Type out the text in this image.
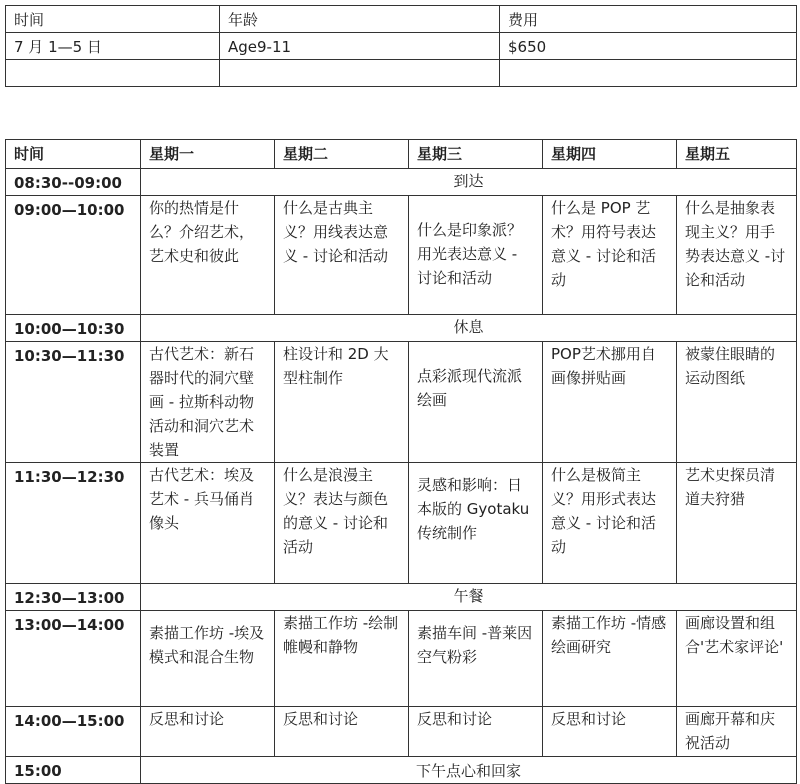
时间	年龄	费用
7 月 1—5 日	Age9-11	$650

时间	星期一	星期二	星期三	星期四	星期五
08:30--09:00	到达				
09:00—10:00	你的热情是什么？介绍艺术，艺术史和彼此	什么是古典主义？用线表达意义 - 讨论和活动	什么是印象派？用光表达意义 - 讨论和活动	什么是 POP 艺术？用符号表达意义 - 讨论和活动	什么是抽象表现主义？用手势表达意义 -讨论和活动
10:00—10:30	休息				
10:30—11:30	古代艺术：新石器时代的洞穴壁画 - 拉斯科动物活动和洞穴艺术装置	柱设计和 2D 大型柱制作	点彩派现代流派绘画	POP艺术挪用自画像拼贴画	被蒙住眼睛的运动图纸
11:30—12:30	古代艺术：埃及艺术 - 兵马俑肖像头	什么是浪漫主义？表达与颜色的意义 - 讨论和活动	灵感和影响：日本版的 Gyotaku 传统制作	什么是极简主义？用形式表达意义 - 讨论和活动	艺术史探员清道夫狩猎
12:30—13:00	午餐				
13:00—14:00	素描工作坊 -埃及模式和混合生物	素描工作坊 -绘制帷幔和静物	素描车间 -普莱因空气粉彩	素描工作坊 -情感绘画研究	画廊设置和组合'艺术家评论'
14:00—15:00	反思和讨论	反思和讨论	反思和讨论	反思和讨论	画廊开幕和庆祝活动
15:00	下午点心和回家				
